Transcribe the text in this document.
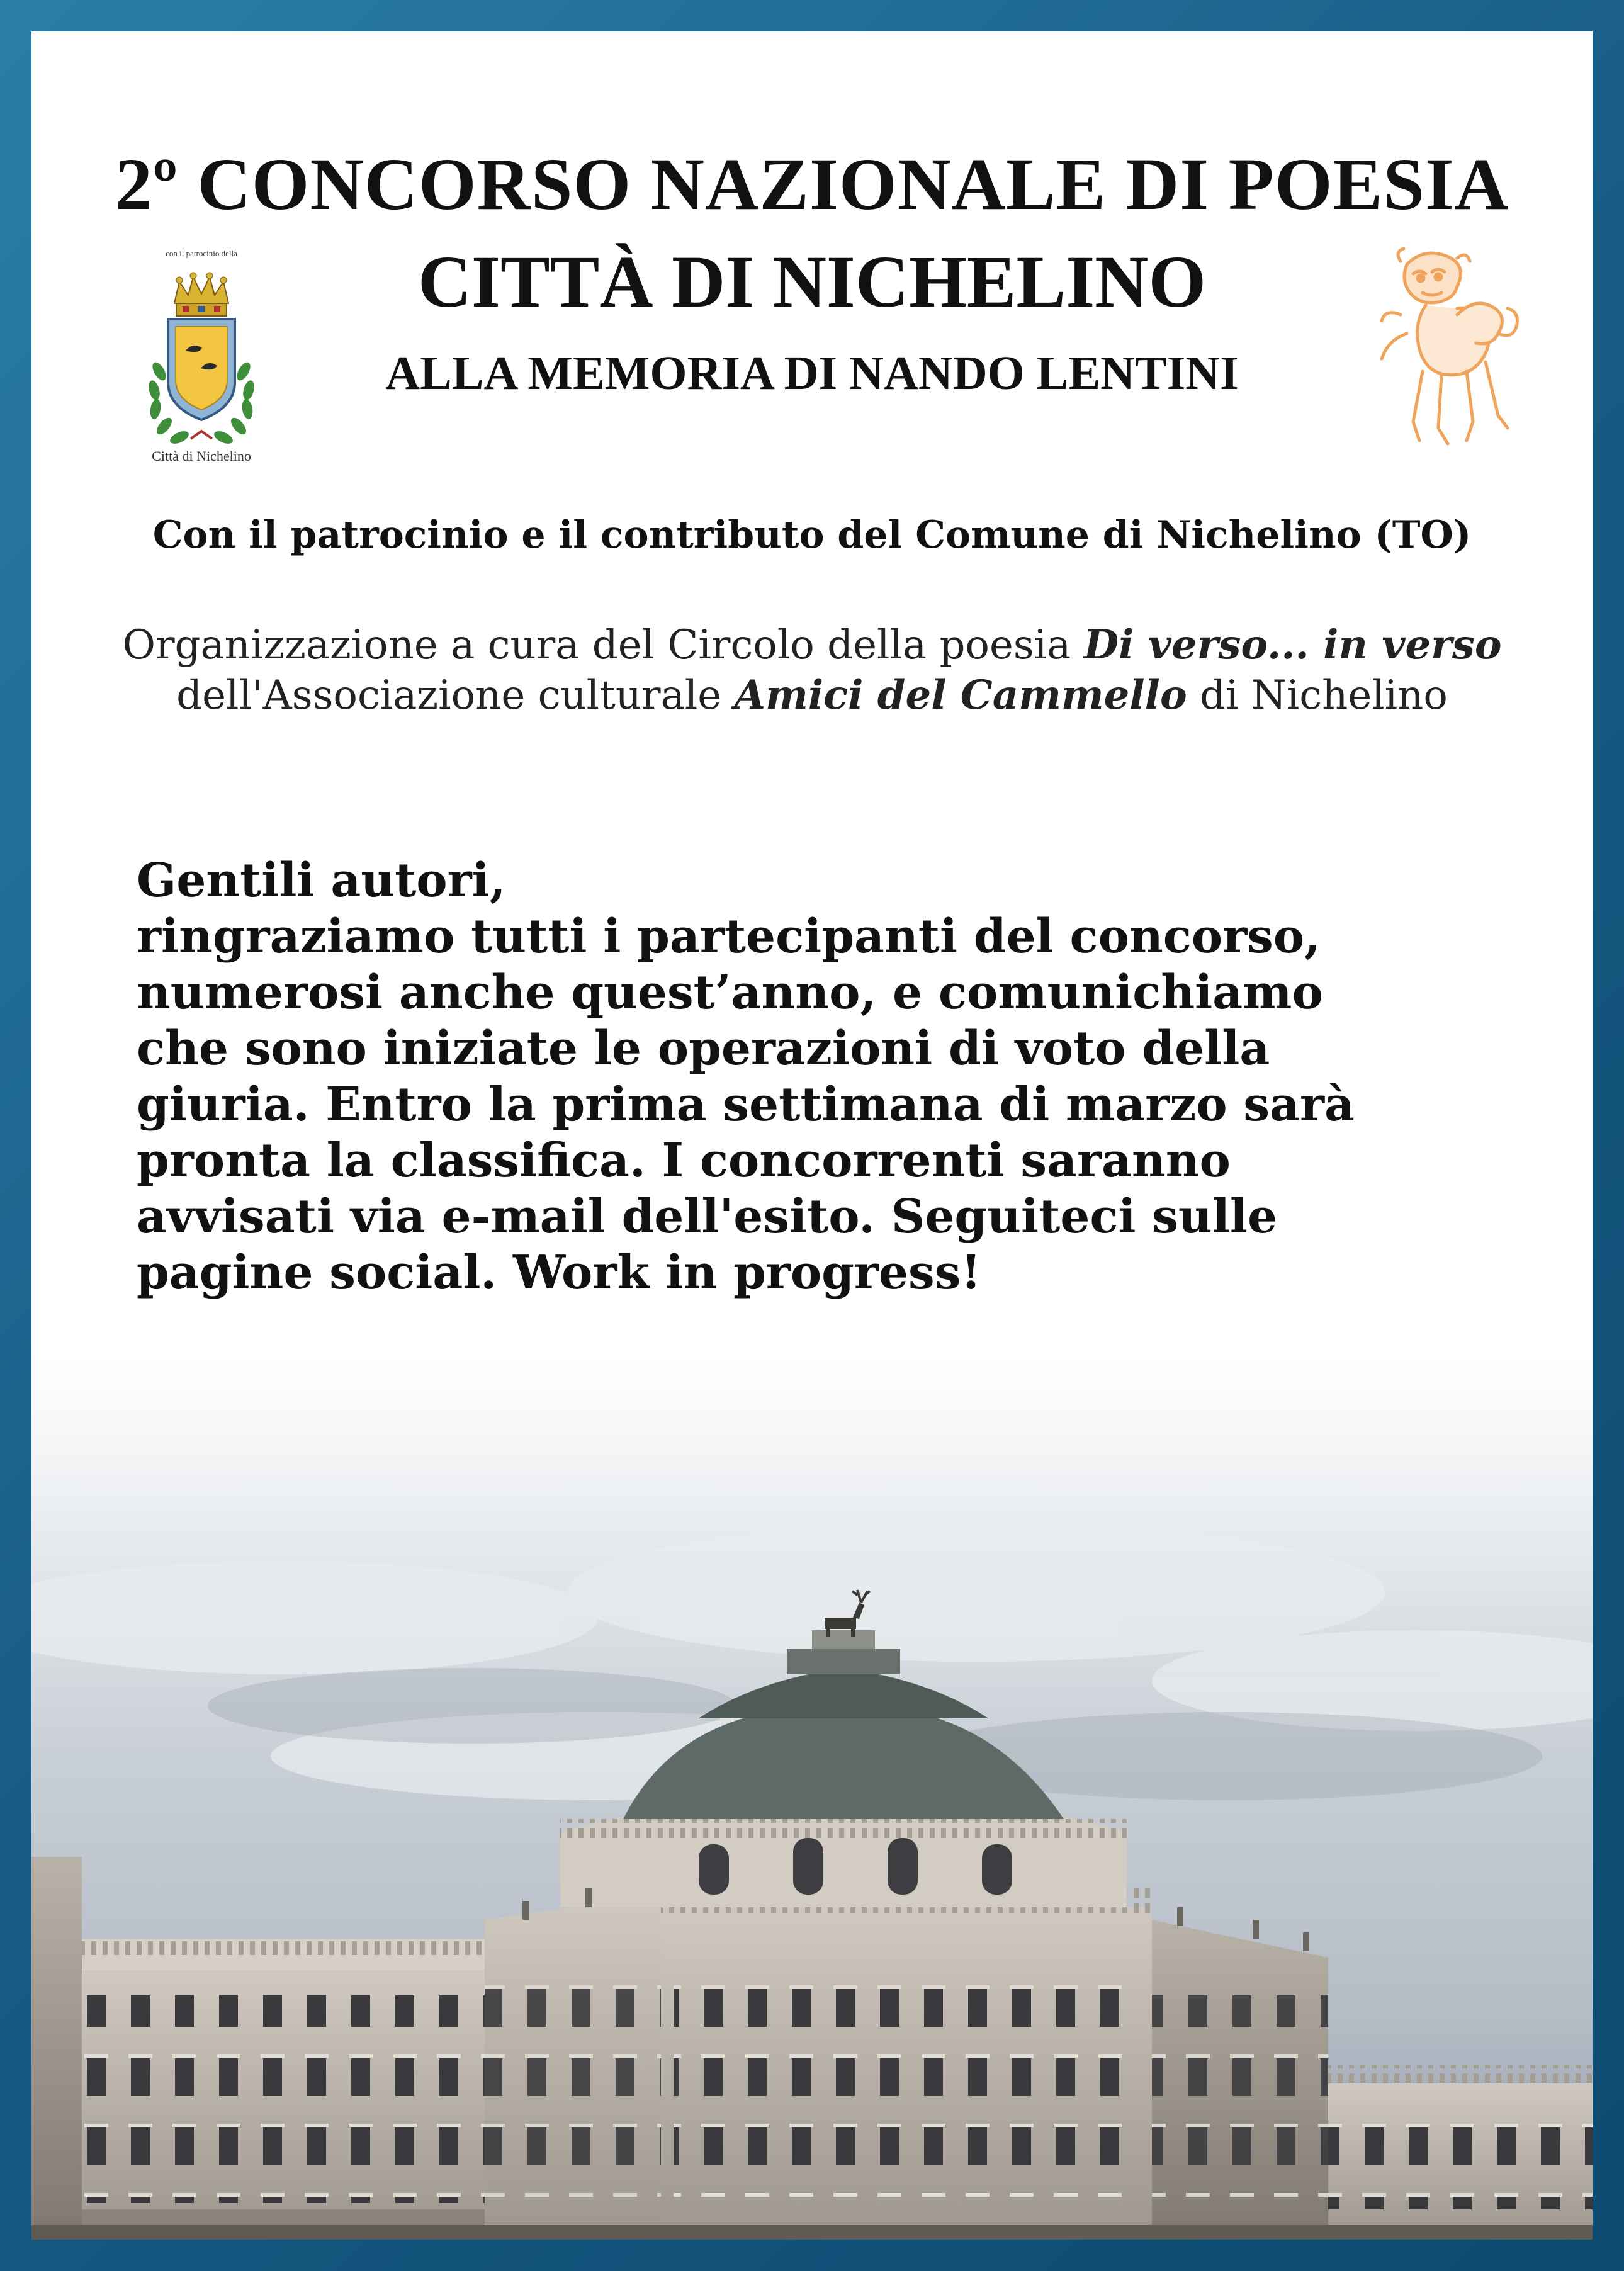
2º CONCORSO NAZIONALE DI POESIA
CITTÀ DI NICHELINO
ALLA MEMORIA DI NANDO LENTINI
con il patrocinio della
Città di Nichelino
Con il patrocinio e il contributo del Comune di Nichelino (TO)
Organizzazione a cura del Circolo della poesia Di verso... in verso
dell'Associazione culturale Amici del Cammello di Nichelino
Gentili autori,
ringraziamo tutti i partecipanti del concorso,
numerosi anche quest’anno, e comunichiamo
che sono iniziate le operazioni di voto della
giuria. Entro la prima settimana di marzo sarà
pronta la classifica. I concorrenti saranno
avvisati via e-mail dell'esito. Seguiteci sulle
pagine social. Work in progress!
